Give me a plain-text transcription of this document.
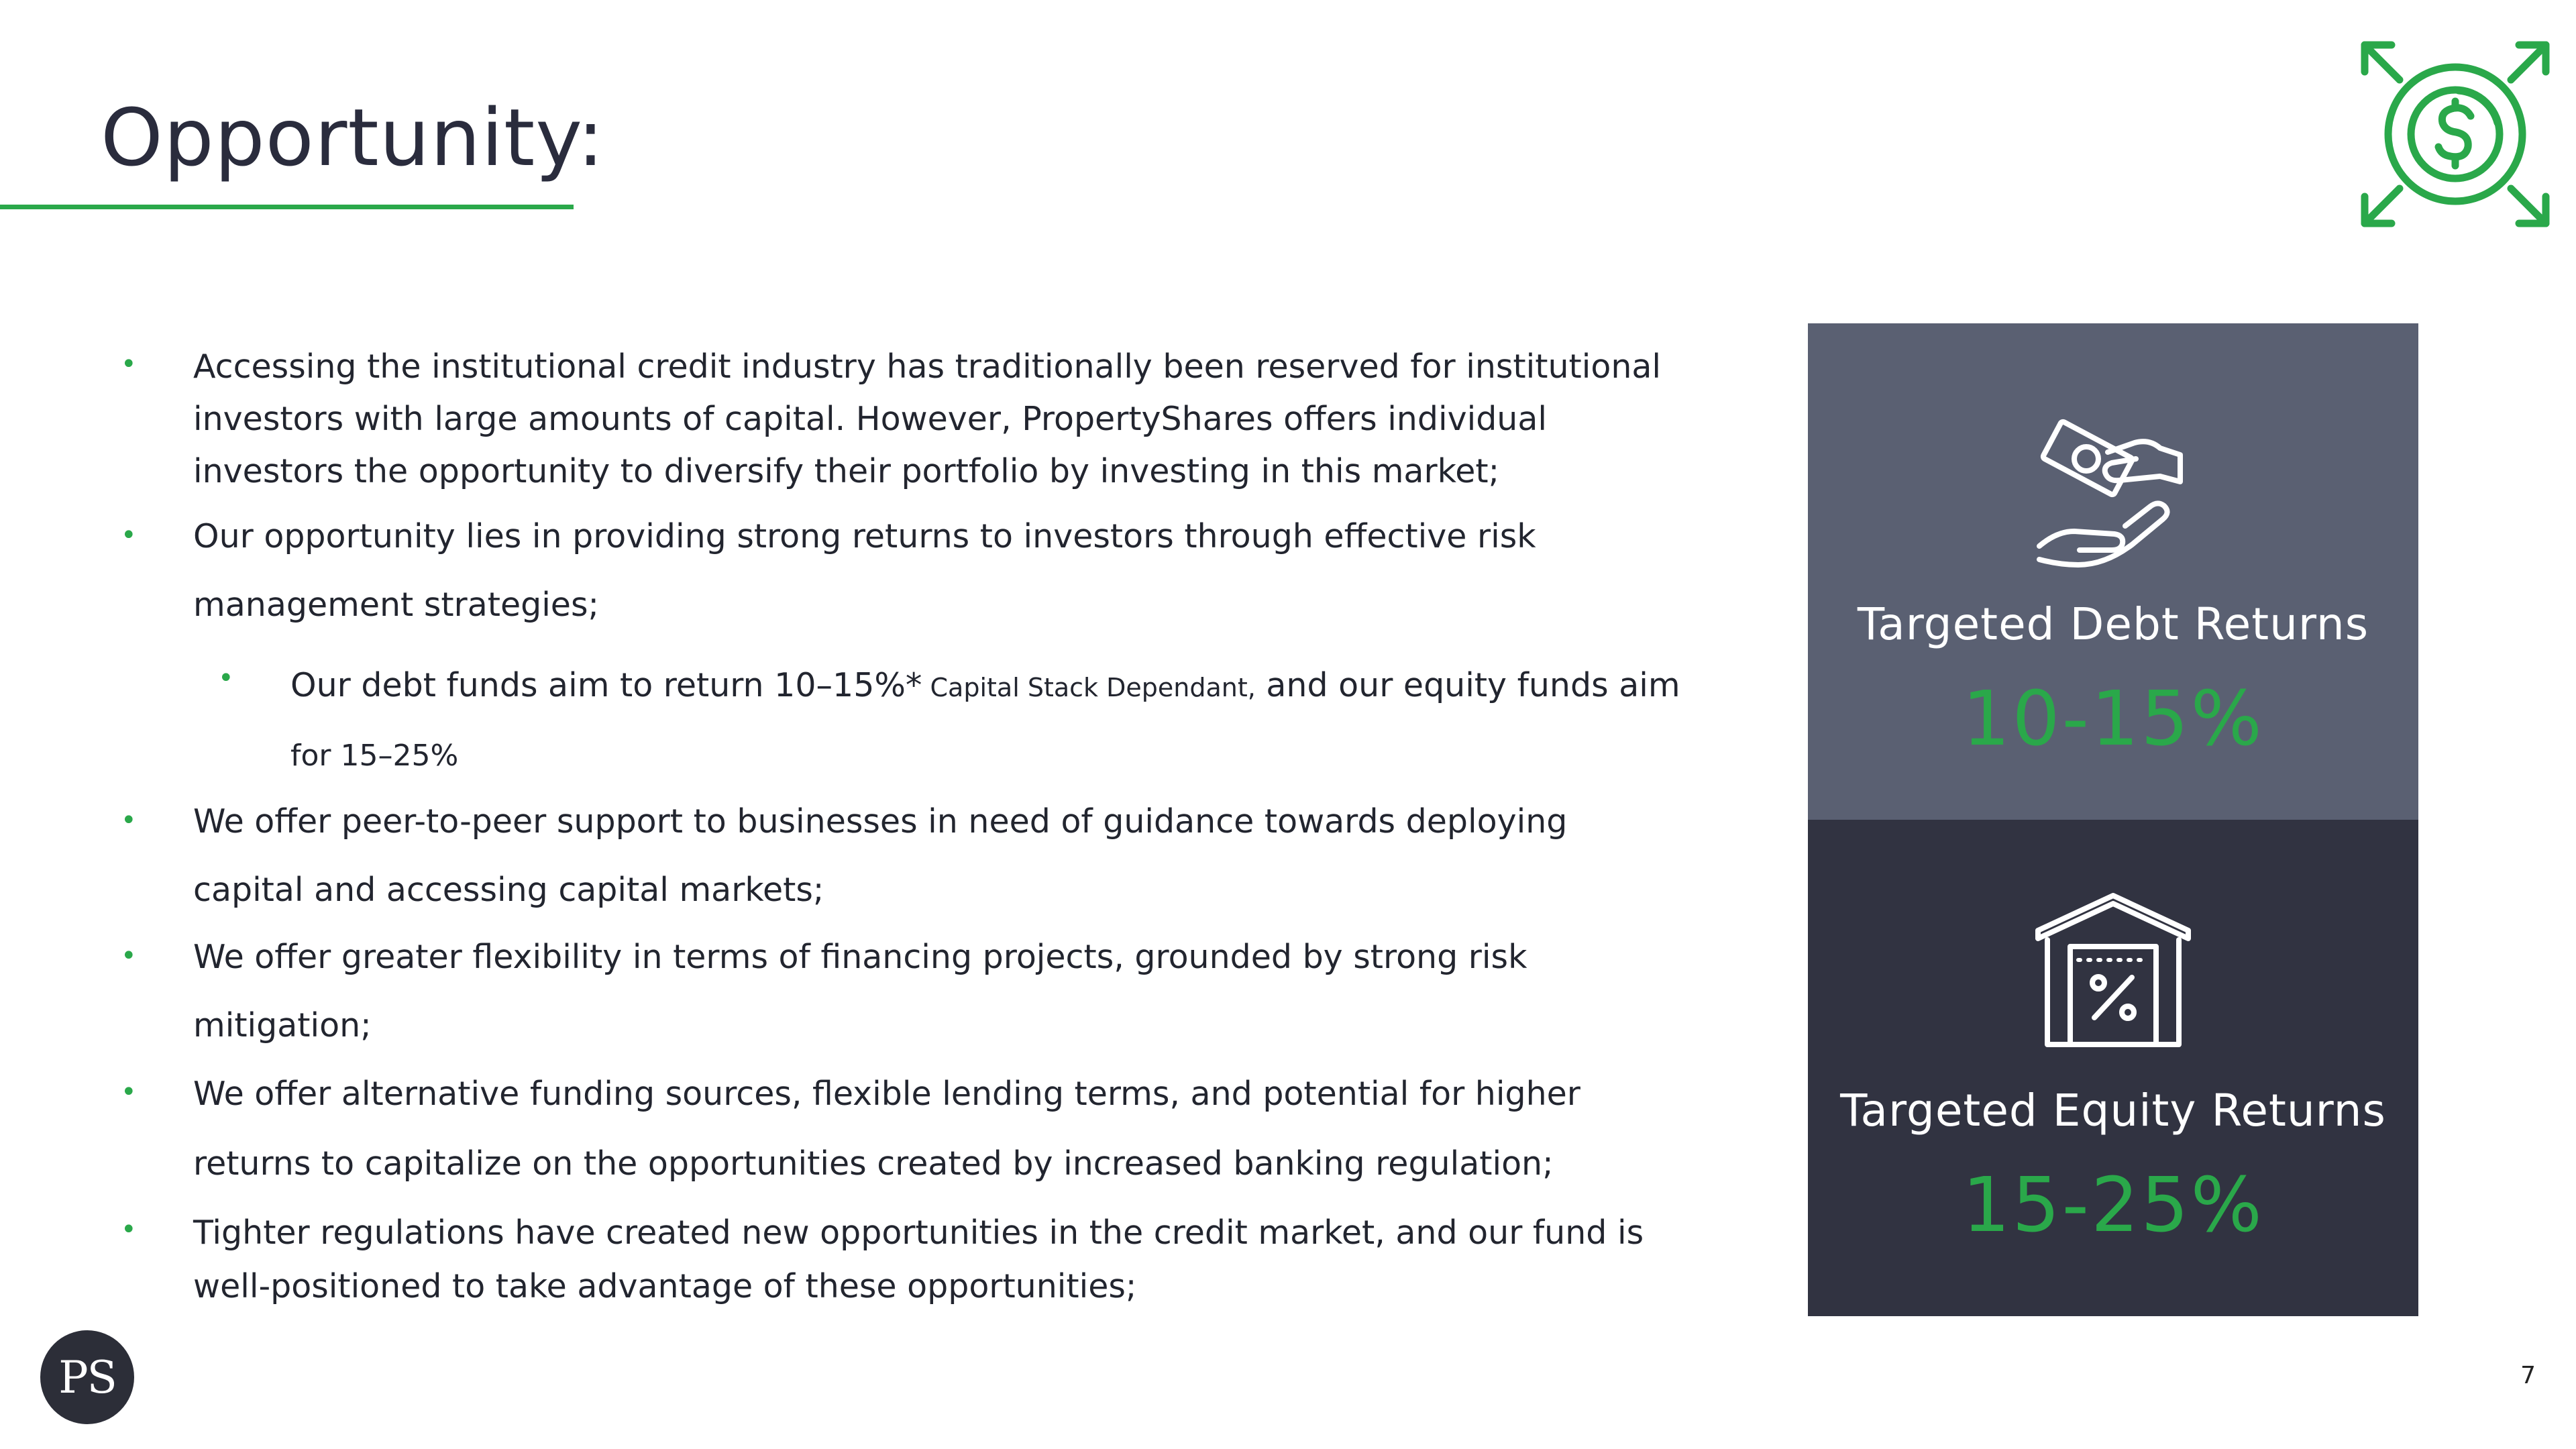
Opportunity:
• Accessing the institutional credit industry has traditionally been reserved for institutional
investors with large amounts of capital. However, PropertyShares offers individual
investors the opportunity to diversify their portfolio by investing in this market;
• Our opportunity lies in providing strong returns to investors through effective risk
management strategies;
• Our debt funds aim to return 10–15%* Capital Stack Dependant, and our equity funds aim
for 15–25%
• We offer peer-to-peer support to businesses in need of guidance towards deploying
capital and accessing capital markets;
• We offer greater flexibility in terms of financing projects, grounded by strong risk
mitigation;
• We offer alternative funding sources, flexible lending terms, and potential for higher
returns to capitalize on the opportunities created by increased banking regulation;
• Tighter regulations have created new opportunities in the credit market, and our fund is
well-positioned to take advantage of these opportunities;
Targeted Debt Returns
10-15%
Targeted Equity Returns
15-25%
PS	7
